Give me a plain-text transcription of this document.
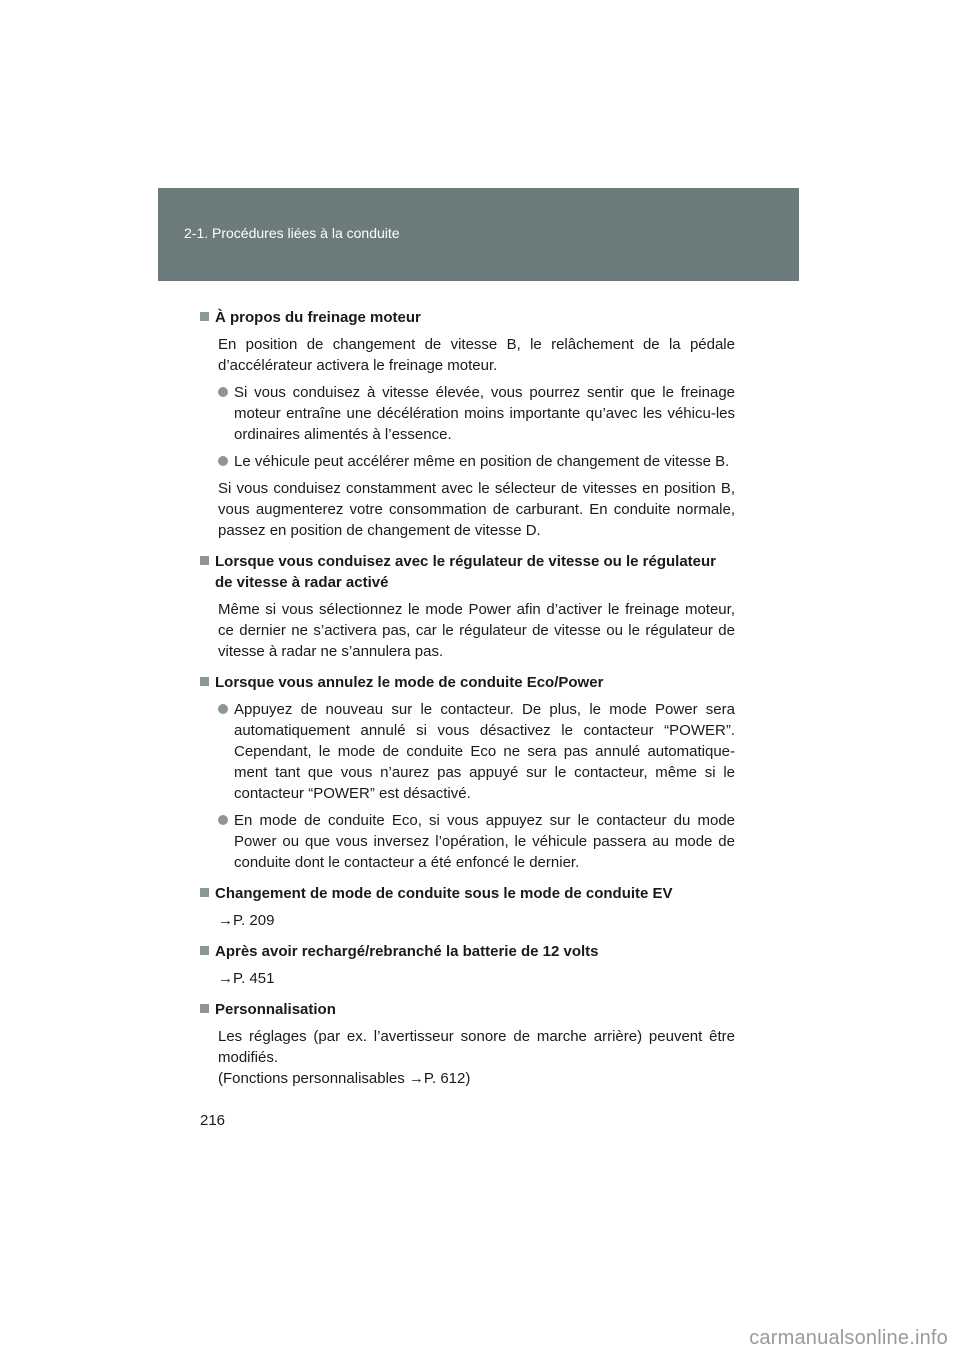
2-1. Procédures liées à la conduite
À propos du freinage moteur
En position de changement de vitesse B, le relâchement de la pédale d’accélérateur activera le freinage moteur.
Si vous conduisez à vitesse élevée, vous pourrez sentir que le freinage moteur entraîne une décélération moins importante qu’avec les véhicu-les ordinaires alimentés à l’essence.
Le véhicule peut accélérer même en position de changement de vitesse B.
Si vous conduisez constamment avec le sélecteur de vitesses en position B, vous augmenterez votre consommation de carburant. En conduite normale, passez en position de changement de vitesse D.
Lorsque vous conduisez avec le régulateur de vitesse ou le régulateur de vitesse à radar activé
Même si vous sélectionnez le mode Power afin d’activer le freinage moteur, ce dernier ne s’activera pas, car le régulateur de vitesse ou le régulateur de vitesse à radar ne s’annulera pas.
Lorsque vous annulez le mode de conduite Eco/Power
Appuyez de nouveau sur le contacteur. De plus, le mode Power sera automatiquement annulé si vous désactivez le contacteur “POWER”. Cependant, le mode de conduite Eco ne sera pas annulé automatique-ment tant que vous n’aurez pas appuyé sur le contacteur, même si le contacteur “POWER” est désactivé.
En mode de conduite Eco, si vous appuyez sur le contacteur du mode Power ou que vous inversez l’opération, le véhicule passera au mode de conduite dont le contacteur a été enfoncé le dernier.
Changement de mode de conduite sous le mode de conduite EV
→P. 209
Après avoir rechargé/rebranché la batterie de 12 volts
→P. 451
Personnalisation
Les réglages (par ex. l’avertisseur sonore de marche arrière) peuvent être modifiés.
(Fonctions personnalisables →P. 612)
216
carmanualsonline.info
